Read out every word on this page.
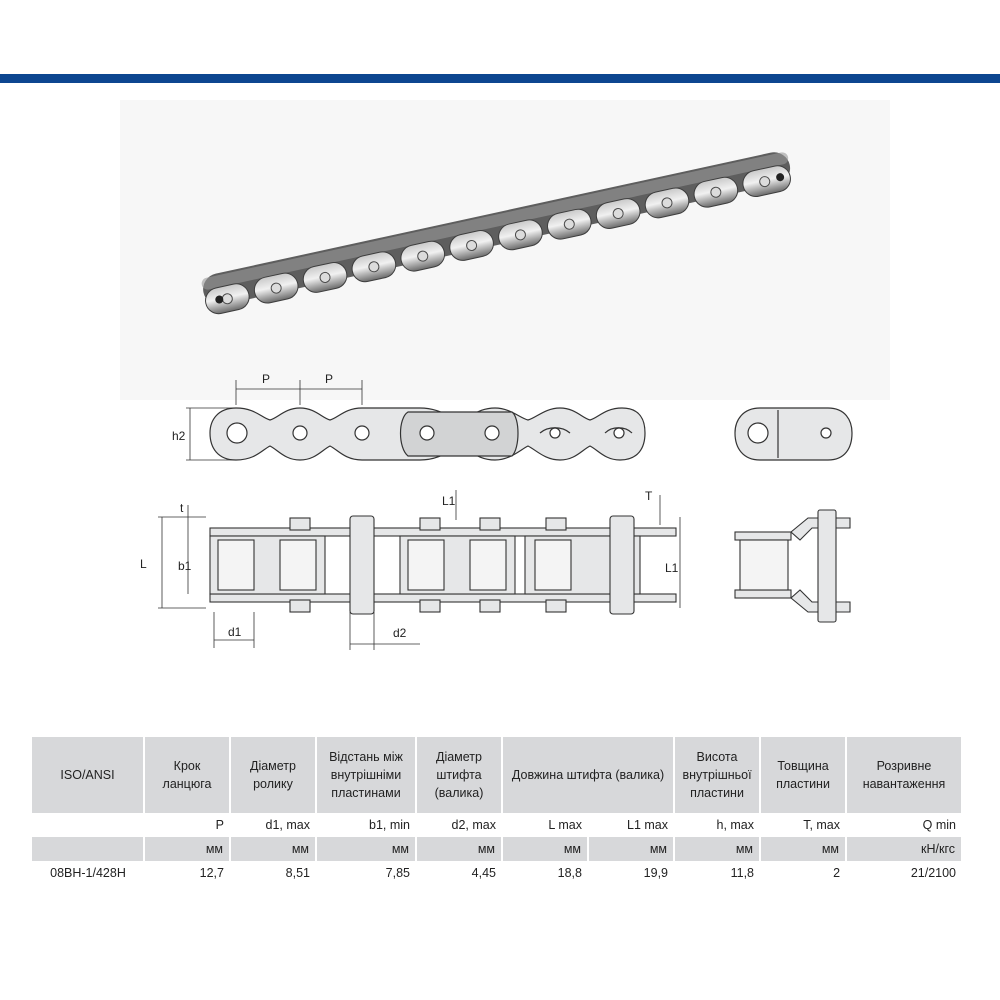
P	P
h2
L
t
b1
d1	d2
L1	T
L1
ISO/ANSI	Крок ланцюга	Діаметр ролику	Відстань між внутрішніми пластинами	Діаметр штифта (валика)	Довжина штифта (валика)		Висота внутрішньої пластини	Товщина пластини	Розривне навантаження
	P	d1, max	b1, min	d2, max	L max	L1 max	h, max	T, max	Q min
	мм	мм	мм	мм	мм	мм	мм	мм	кН/кгс
08BH-1/428H	12,7	8,51	7,85	4,45	18,8	19,9	11,8	2	21/2100
